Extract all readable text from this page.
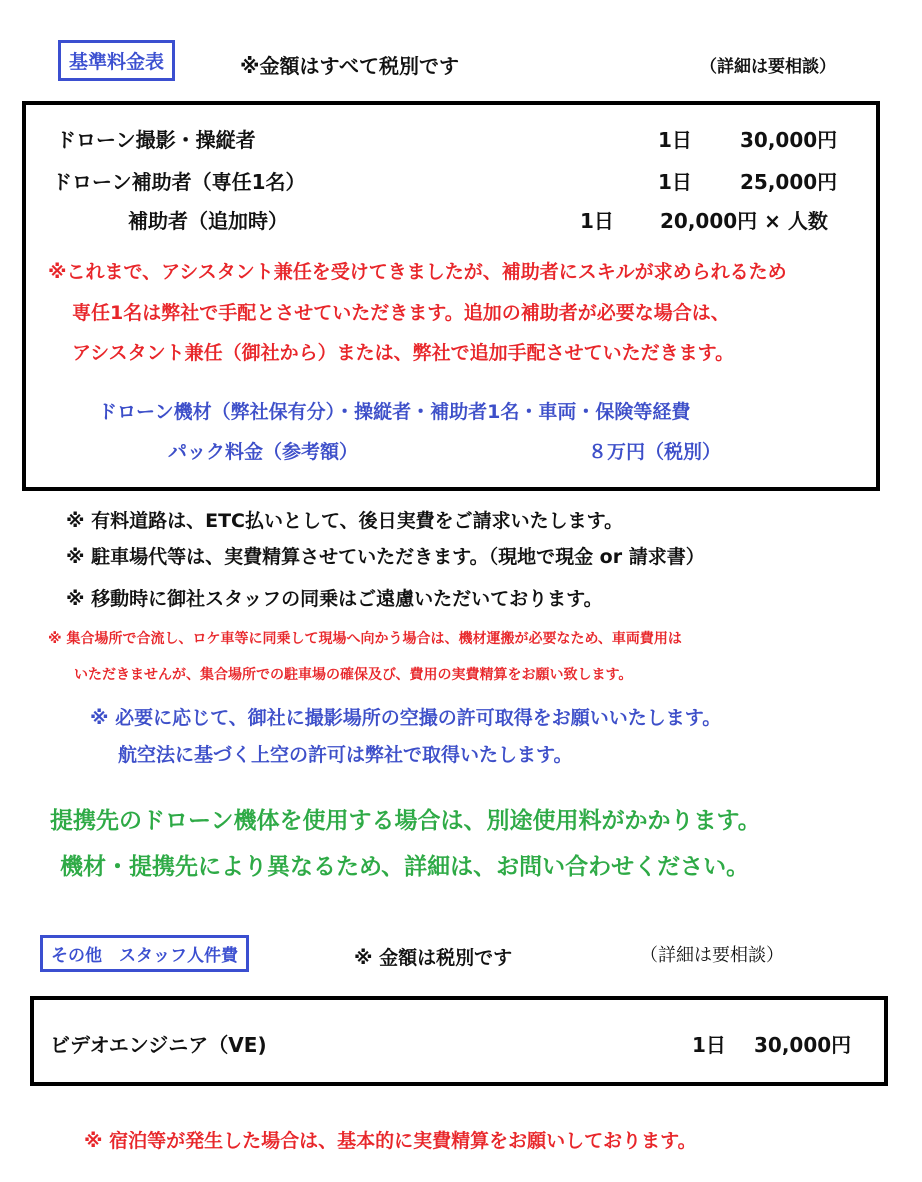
基準料金表	※金額はすべて税別です	（詳細は要相談）
ドローン撮影・操縦者	1日 30,000円
ドローン補助者（専任1名）	1日 25,000円
補助者（追加時）	1日 20,000円 × 人数
※これまで、アシスタント兼任を受けてきましたが、補助者にスキルが求められるため
専任1名は弊社で手配とさせていただきます。追加の補助者が必要な場合は、
アシスタント兼任（御社から）または、弊社で追加手配させていただきます。
ドローン機材（弊社保有分）・操縦者・補助者1名・車両・保険等経費
パック料金（参考額）	８万円（税別）
※ 有料道路は、ETC払いとして、後日実費をご請求いたします。
※ 駐車場代等は、実費精算させていただきます。（現地で現金 or 請求書）
※ 移動時に御社スタッフの同乗はご遠慮いただいております。
※ 集合場所で合流し、ロケ車等に同乗して現場へ向かう場合は、機材運搬が必要なため、車両費用は
いただきませんが、集合場所での駐車場の確保及び、費用の実費精算をお願い致します。
※ 必要に応じて、御社に撮影場所の空撮の許可取得をお願いいたします。
航空法に基づく上空の許可は弊社で取得いたします。
提携先のドローン機体を使用する場合は、別途使用料がかかります。
機材・提携先により異なるため、詳細は、お問い合わせください。
その他　スタッフ人件費	※ 金額は税別です	（詳細は要相談）
ビデオエンジニア（VE)	1日 30,000円
※ 宿泊等が発生した場合は、基本的に実費精算をお願いしております。
